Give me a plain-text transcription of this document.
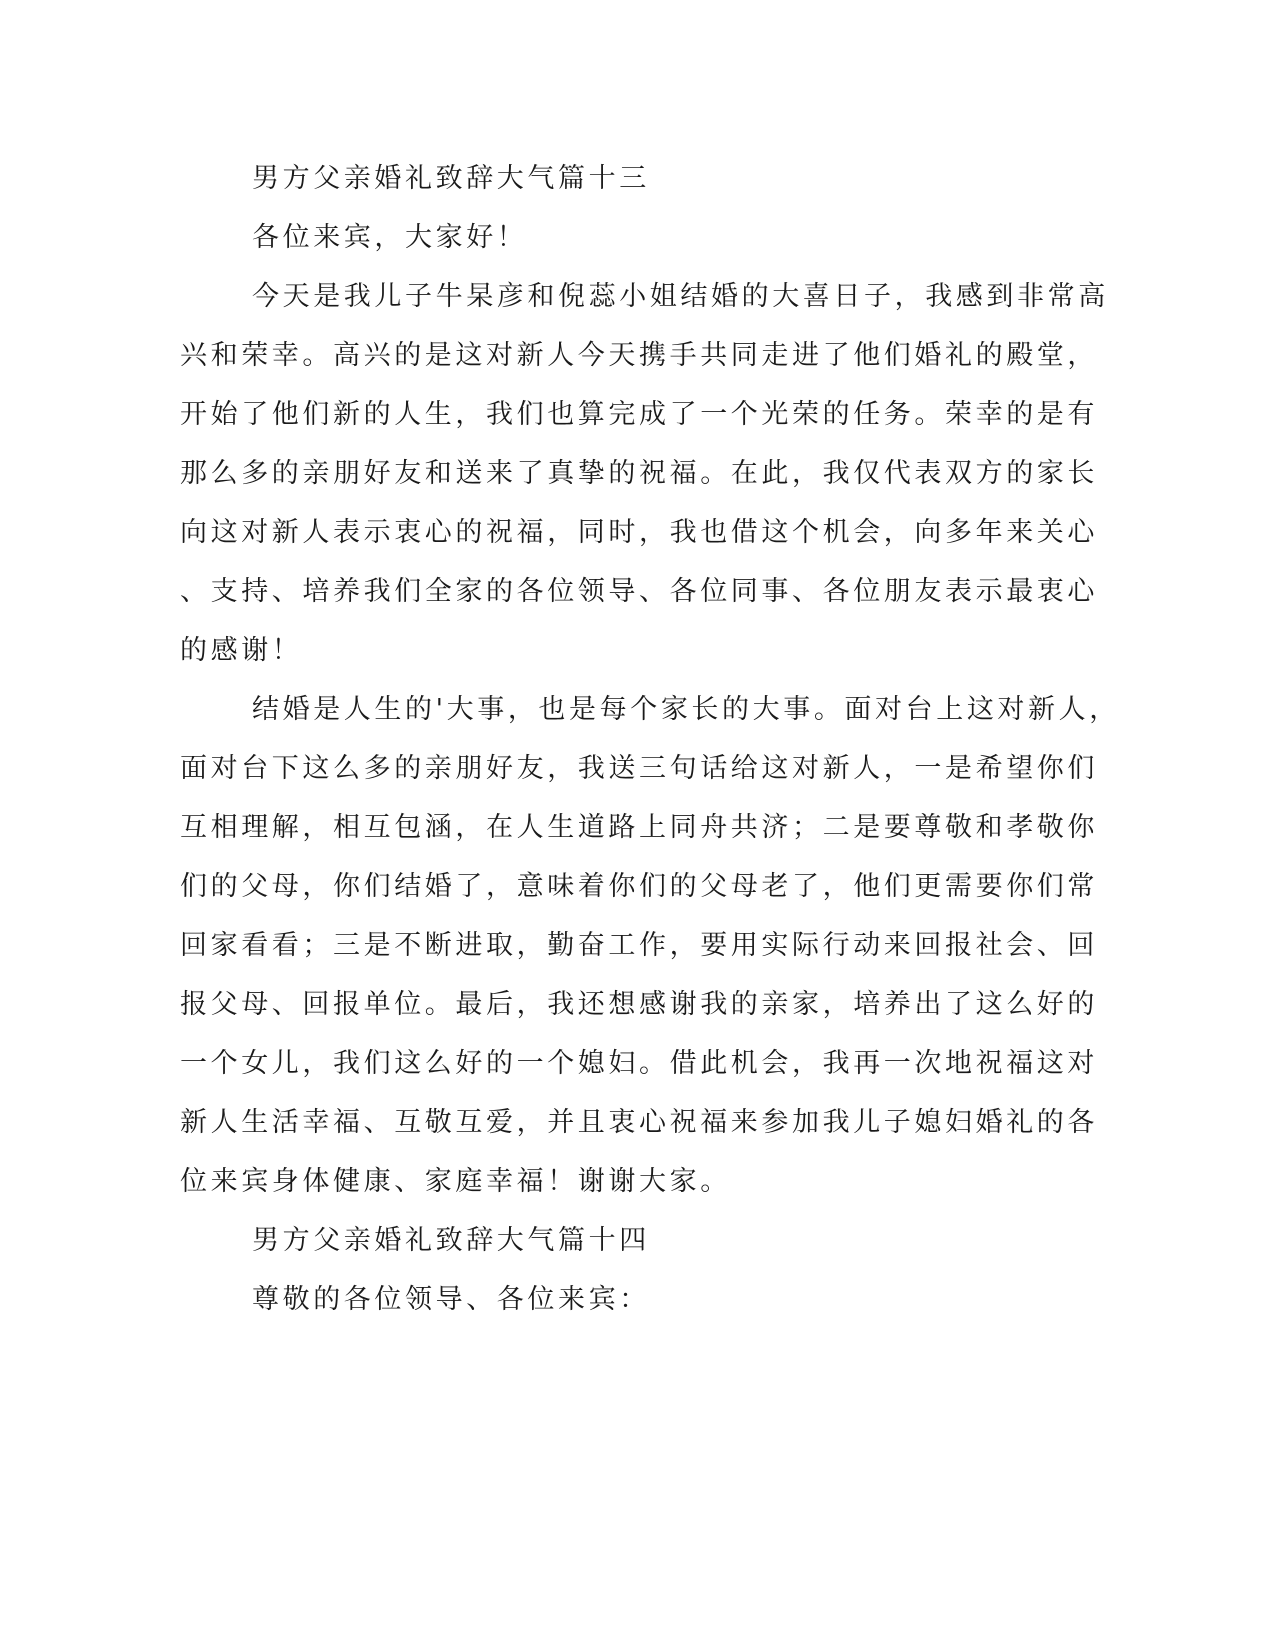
男方父亲婚礼致辞大气篇十三

各位来宾，大家好！

今天是我儿子牛杲彦和倪蕊小姐结婚的大喜日子，我感到非常高

兴和荣幸。高兴的是这对新人今天携手共同走进了他们婚礼的殿堂，

开始了他们新的人生，我们也算完成了一个光荣的任务。荣幸的是有

那么多的亲朋好友和送来了真挚的祝福。在此，我仅代表双方的家长

向这对新人表示衷心的祝福，同时，我也借这个机会，向多年来关心

、支持、培养我们全家的各位领导、各位同事、各位朋友表示最衷心

的感谢！

结婚是人生的'大事，也是每个家长的大事。面对台上这对新人，

面对台下这么多的亲朋好友，我送三句话给这对新人，一是希望你们

互相理解，相互包涵，在人生道路上同舟共济；二是要尊敬和孝敬你

们的父母，你们结婚了，意味着你们的父母老了，他们更需要你们常

回家看看；三是不断进取，勤奋工作，要用实际行动来回报社会、回

报父母、回报单位。最后，我还想感谢我的亲家，培养出了这么好的

一个女儿，我们这么好的一个媳妇。借此机会，我再一次地祝福这对

新人生活幸福、互敬互爱，并且衷心祝福来参加我儿子媳妇婚礼的各

位来宾身体健康、家庭幸福！谢谢大家。

男方父亲婚礼致辞大气篇十四

尊敬的各位领导、各位来宾：
